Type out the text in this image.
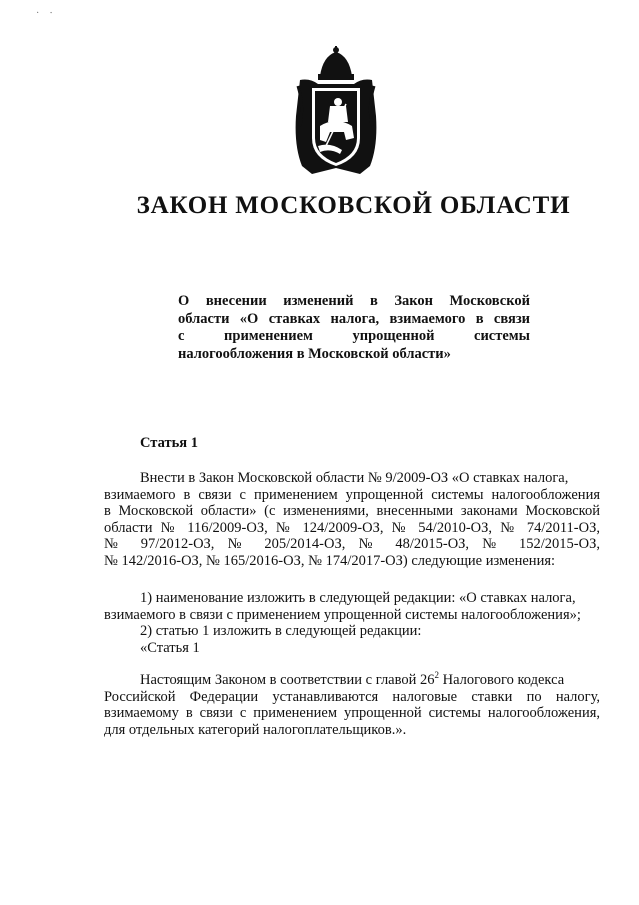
·    ⋅
ЗАКОН МОСКОВСКОЙ ОБЛАСТИ
О внесении изменений в Закон Московской
области «О ставках налога, взимаемого в связи
с применением упрощенной системы
налогообложения в Московской области»
Статья 1
Внести в Закон Московской области № 9/2009-ОЗ «О ставках налога,
взимаемого в связи с применением упрощенной системы налогообложения
в Московской области» (с изменениями, внесенными законами Московской
области № 116/2009-ОЗ, № 124/2009-ОЗ, № 54/2010-ОЗ, № 74/2011-ОЗ,
№ 97/2012-ОЗ, № 205/2014-ОЗ, № 48/2015-ОЗ, № 152/2015-ОЗ,
№ 142/2016-ОЗ, № 165/2016-ОЗ, № 174/2017-ОЗ) следующие изменения:
1) наименование изложить в следующей редакции: «О ставках налога,
взимаемого в связи с применением упрощенной системы налогообложения»;
2) статью 1 изложить в следующей редакции:
«Статья 1
Настоящим Законом в соответствии с главой $26^2$ Налогового кодекса
Российской Федерации устанавливаются налоговые ставки по налогу,
взимаемому в связи с применением упрощенной системы налогообложения,
для отдельных категорий налогоплательщиков.».
